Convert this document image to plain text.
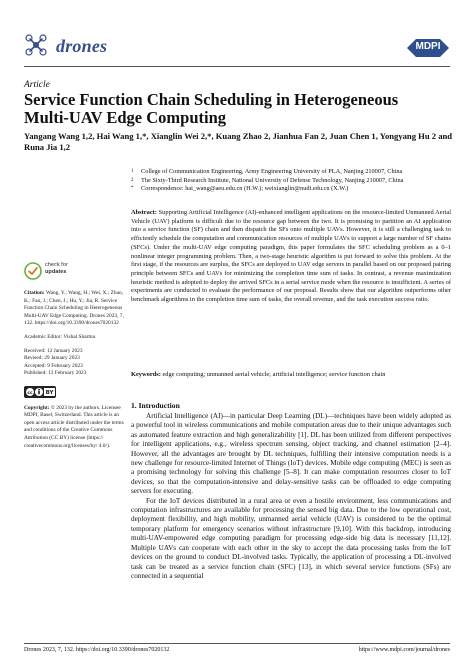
drones	MDPI
Article
Service Function Chain Scheduling in Heterogeneous Multi-UAV Edge Computing
Yangang Wang 1,2, Hai Wang 1,*, Xianglin Wei 2,*, Kuang Zhao 2, Jianhua Fan 2, Juan Chen 1, Yongyang Hu 2 and Runa Jia 1,2
1	College of Communication Engineering, Army Engineering University of PLA, Nanjing 210007, China
2	The Sixty-Third Research Institute, National University of Defense Technology, Nanjing 210007, China
*	Correspondence: hai_wang@aeu.edu.cn (H.W.); weixianglin@nudt.edu.cn (X.W.)
Abstract: Supporting Artificial Intelligence (AI)-enhanced intelligent applications on the resource-limited Unmanned Aerial Vehicle (UAV) platform is difficult due to the resource gap between the two. It is promising to partition an AI application into a service function (SF) chain and then dispatch the SFs onto multiple UAVs. However, it is still a challenging task to efficiently schedule the computation and communication resources of multiple UAVs to support a large number of SF chains (SFCs). Under the multi-UAV edge computing paradigm, this paper formulates the SFC scheduling problem as a 0–1 nonlinear integer programming problem. Then, a two-stage heuristic algorithm is put forward to solve this problem. At the first stage, if the resources are surplus, the SFCs are deployed to UAV edge servers in parallel based on our proposed pairing principle between SFCs and UAVs for minimizing the completion time sum of tasks. In contrast, a revenue maximization heuristic method is adopted to deploy the arrived SFCs in a serial service mode when the resource is insufficient. A series of experiments are conducted to evaluate the performance of our proposal. Results show that our algorithm outperforms other benchmark algorithms in the completion time sum of tasks, the overall revenue, and the task execution success ratio.
Keywords: edge computing; unmanned aerial vehicle; artificial intelligence; service function chain
check for
updates

Citation: Wang, Y.; Wang, H.; Wei, X.; Zhao, K.; Fan, J.; Chen, J.; Hu, Y.; Jia, R. Service Function Chain Scheduling in Heterogeneous Multi-UAV Edge Computing. Drones 2023, 7, 132. https://doi.org/10.3390/drones7020132

Academic Editor: Vishal Sharma

Received: 12 January 2023

Revised: 29 January 2023

Accepted: 9 February 2023

Published: 13 February 2023

cc BY

Copyright: © 2023 by the authors. Licensee MDPI, Basel, Switzerland. This article is an open access article distributed under the terms and conditions of the Creative Commons Attribution (CC BY) license (https:// creativecommons.org/licenses/by/ 4.0/).

1. Introduction

Artificial Intelligence (AI)—in particular Deep Learning (DL)—techniques have been widely adopted as a powerful tool in wireless communications and mobile computation areas due to their unique advantages such as automated feature extraction and high generalizability [1]. DL has been utilized from different perspectives for intelligent applications, e.g., wireless spectrum sensing, object tracking, and channel estimation [2–4]. However, all the advantages are brought by DL techniques, fulfilling their intensive computation needs is a new challenge for resource-limited Internet of Things (IoT) devices. Mobile edge computing (MEC) is seen as a promising technology for solving this challenge [5–8]. It can make computation resources closer to IoT devices, so that the computation-intensive and delay-sensitive tasks can be offloaded to edge computing servers for executing.

For the IoT devices distributed in a rural area or even a hostile environment, less communications and computation infrastructures are available for processing the sensed big data. Due to the low operational cost, deployment flexibility, and high mobility, unmanned aerial vehicle (UAV) is considered to be the optimal temporary platform for emergency scenarios without infrastructure [9,10]. With this backdrop, introducing multi-UAV-empowered edge computing paradigm for processing edge-side big data is necessary [11,12]. Multiple UAVs can cooperate with each other in the sky to accept the data processing tasks from the IoT devices on the ground to conduct DL-involved tasks. Typically, the application of processing a DL-involved task can be treated as a service function chain (SFC) [13], in which several service functions (SFs) are connected in a sequential

Drones 2023, 7, 132. https://doi.org/10.3390/drones7020132	https://www.mdpi.com/journal/drones
